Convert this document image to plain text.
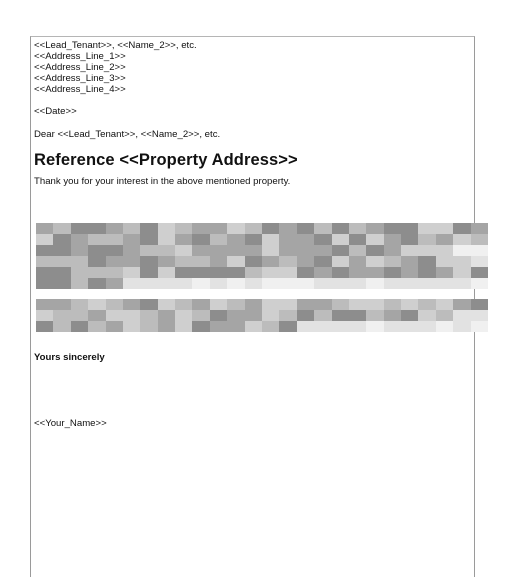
<<Lead_Tenant>>, <<Name_2>>, etc.
<<Address_Line_1>>
<<Address_Line_2>>
<<Address_Line_3>>
<<Address_Line_4>>
<<Date>>
Dear <<Lead_Tenant>>, <<Name_2>>, etc.
Reference <<Property Address>>
Thank you for your interest in the above mentioned property.
Yours sincerely
<<Your_Name>>
